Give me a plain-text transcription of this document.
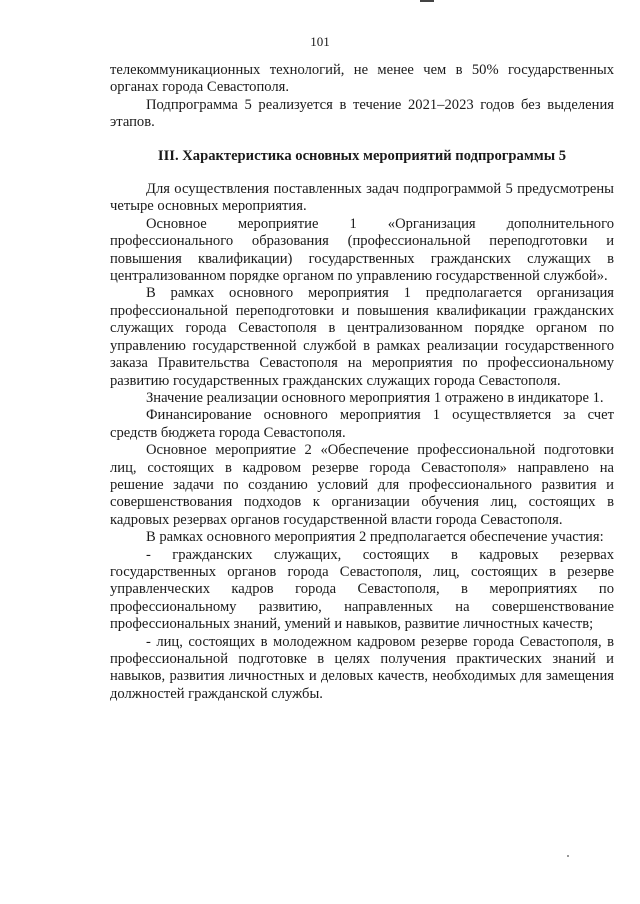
101

телекоммуникационных технологий, не менее чем в 50% государственных органах города Севастополя.

Подпрограмма 5 реализуется в течение 2021–2023 годов без выделения этапов.

III. Характеристика основных мероприятий подпрограммы 5

Для осуществления поставленных задач подпрограммой 5 предусмотрены четыре основных мероприятия.

Основное мероприятие 1 «Организация дополнительного профессионального образования (профессиональной переподготовки и повышения квалификации) государственных гражданских служащих в централизованном порядке органом по управлению государственной службой».

В рамках основного мероприятия 1 предполагается организация профессиональной переподготовки и повышения квалификации гражданских служащих города Севастополя в централизованном порядке органом по управлению государственной службой в рамках реализации государственного заказа Правительства Севастополя на мероприятия по профессиональному развитию государственных гражданских служащих города Севастополя.

Значение реализации основного мероприятия 1 отражено в индикаторе 1.

Финансирование основного мероприятия 1 осуществляется за счет средств бюджета города Севастополя.

Основное мероприятие 2 «Обеспечение профессиональной подготовки лиц, состоящих в кадровом резерве города Севастополя» направлено на решение задачи по созданию условий для профессионального развития и совершенствования подходов к организации обучения лиц, состоящих в кадровых резервах органов государственной власти города Севастополя.

В рамках основного мероприятия 2 предполагается обеспечение участия:

- гражданских служащих, состоящих в кадровых резервах государственных органов города Севастополя, лиц, состоящих в резерве управленческих кадров города Севастополя, в мероприятиях по профессиональному развитию, направленных на совершенствование профессиональных знаний, умений и навыков, развитие личностных качеств;

- лиц, состоящих в молодежном кадровом резерве города Севастополя, в профессиональной подготовке в целях получения практических знаний и навыков, развития личностных и деловых качеств, необходимых для замещения должностей гражданской службы.
